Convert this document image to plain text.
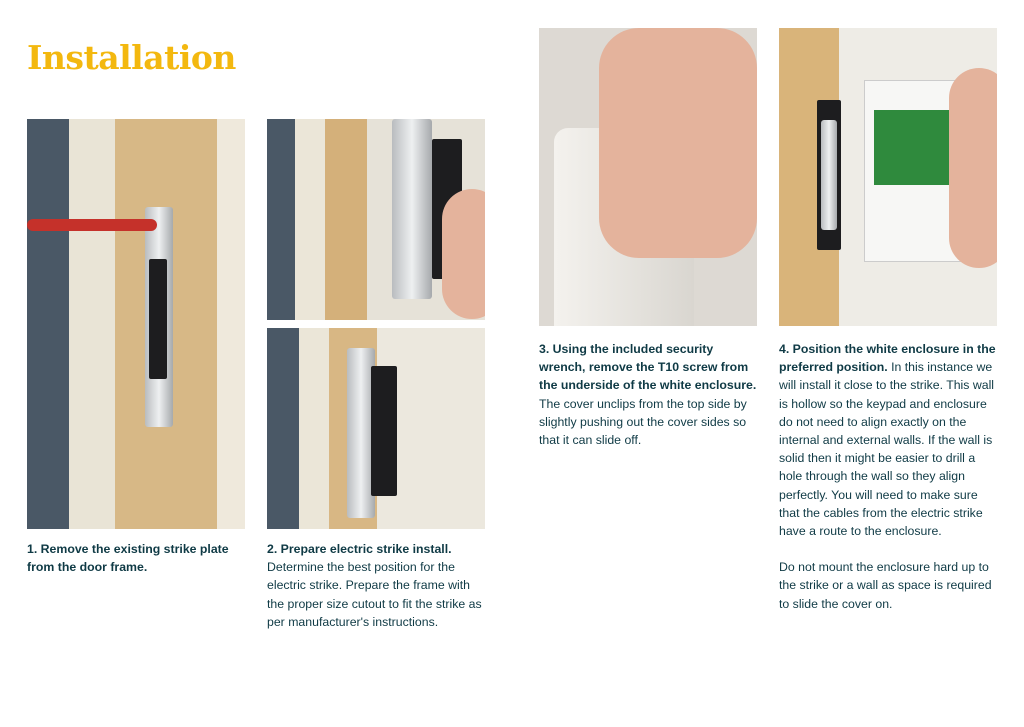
Installation
1. Remove the existing strike plate from the door frame.
2. Prepare electric strike install. Determine the best position for the electric strike. Prepare the frame with the proper size cutout to fit the strike as per manufacturer's instructions.
3. Using the included security wrench, remove the T10 screw from the underside of the white enclosure. The cover unclips from the top side by slightly pushing out the cover sides so that it can slide off.
4. Position the white enclosure in the preferred position. In this instance we will install it close to the strike. This wall is hollow so the keypad and enclosure do not need to align exactly on the internal and external walls. If the wall is solid then it might be easier to drill a hole through the wall so they align perfectly. You will need to make sure that the cables from the electric strike have a route to the enclosure.
Do not mount the enclosure hard up to the strike or a wall as space is required to slide the cover on.
